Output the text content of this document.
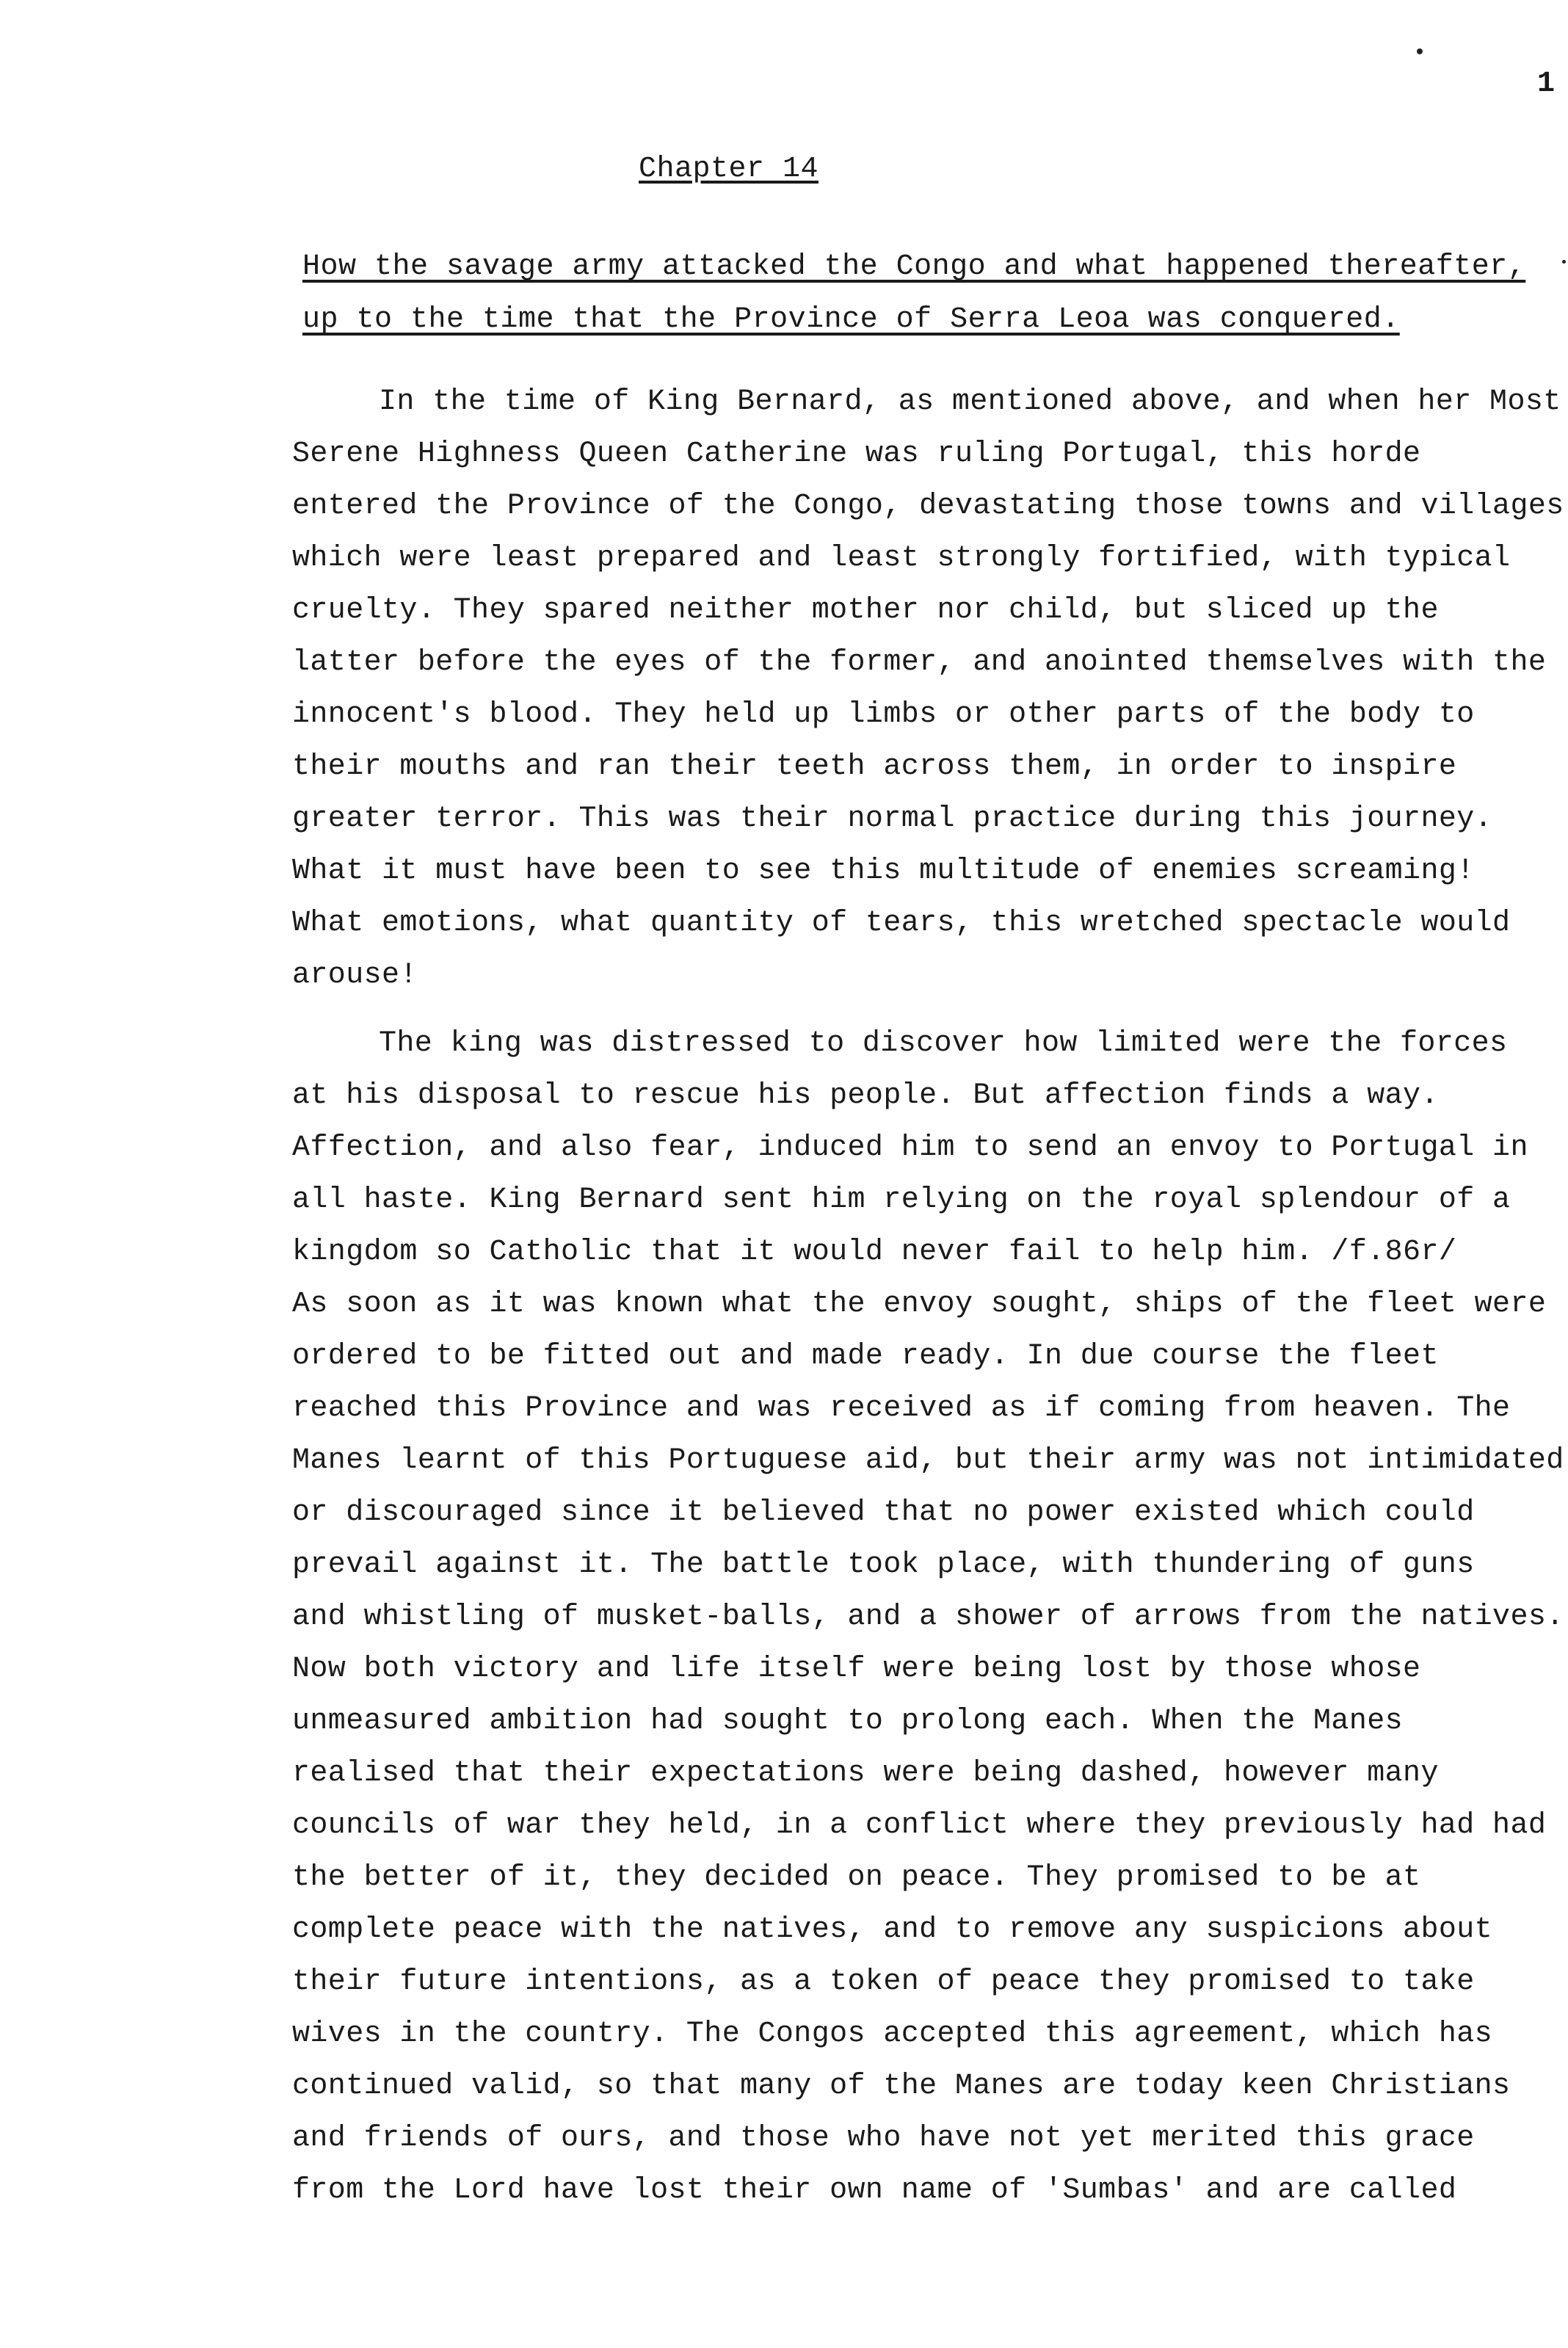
1
Chapter 14
How the savage army attacked the Congo and what happened thereafter,
up to the time that the Province of Serra Leoa was conquered.

In the time of King Bernard, as mentioned above, and when her Most
Serene Highness Queen Catherine was ruling Portugal, this horde
entered the Province of the Congo, devastating those towns and villages
which were least prepared and least strongly fortified, with typical
cruelty. They spared neither mother nor child, but sliced up the
latter before the eyes of the former, and anointed themselves with the
innocent's blood. They held up limbs or other parts of the body to
their mouths and ran their teeth across them, in order to inspire
greater terror. This was their normal practice during this journey.
What it must have been to see this multitude of enemies screaming!
What emotions, what quantity of tears, this wretched spectacle would
arouse!

The king was distressed to discover how limited were the forces
at his disposal to rescue his people. But affection finds a way.
Affection, and also fear, induced him to send an envoy to Portugal in
all haste. King Bernard sent him relying on the royal splendour of a
kingdom so Catholic that it would never fail to help him. /f.86r/
As soon as it was known what the envoy sought, ships of the fleet were
ordered to be fitted out and made ready. In due course the fleet
reached this Province and was received as if coming from heaven. The
Manes learnt of this Portuguese aid, but their army was not intimidated
or discouraged since it believed that no power existed which could
prevail against it. The battle took place, with thundering of guns
and whistling of musket-balls, and a shower of arrows from the natives.
Now both victory and life itself were being lost by those whose
unmeasured ambition had sought to prolong each. When the Manes
realised that their expectations were being dashed, however many
councils of war they held, in a conflict where they previously had had
the better of it, they decided on peace. They promised to be at
complete peace with the natives, and to remove any suspicions about
their future intentions, as a token of peace they promised to take
wives in the country. The Congos accepted this agreement, which has
continued valid, so that many of the Manes are today keen Christians
and friends of ours, and those who have not yet merited this grace
from the Lord have lost their own name of 'Sumbas' and are called
